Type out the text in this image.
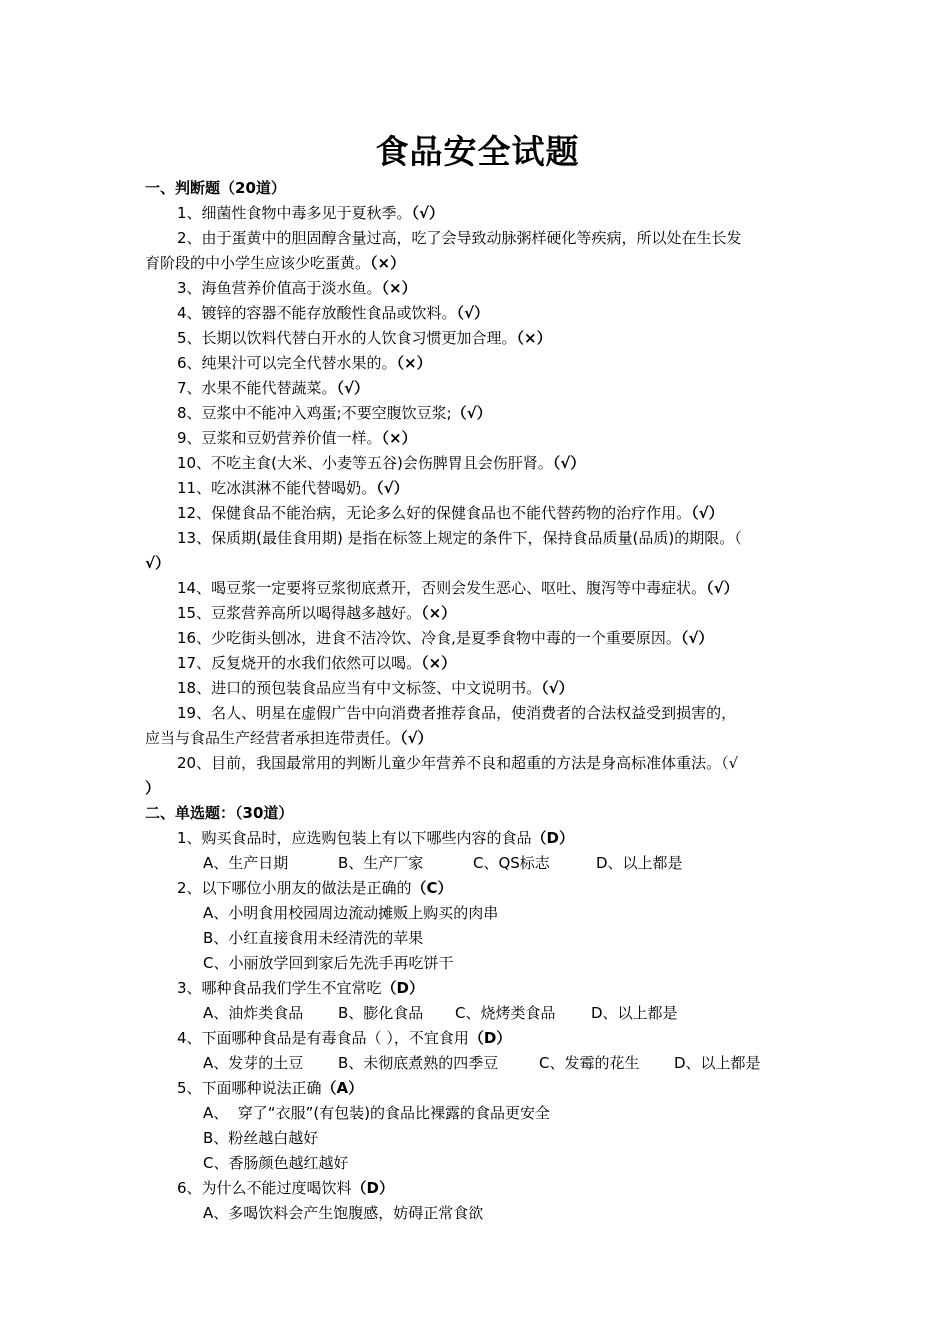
食品安全试题
一、判断题（20道）
1、细菌性食物中毒多见于夏秋季。（√）
2、由于蛋黄中的胆固醇含量过高，吃了会导致动脉粥样硬化等疾病，所以处在生长发
育阶段的中小学生应该少吃蛋黄。（×）
3、海鱼营养价值高于淡水鱼。（×）
4、镀锌的容器不能存放酸性食品或饮料。（√）
5、长期以饮料代替白开水的人饮食习惯更加合理。（×）
6、纯果汁可以完全代替水果的。（×）
7、水果不能代替蔬菜。（√）
8、豆浆中不能冲入鸡蛋;不要空腹饮豆浆;（√）
9、豆浆和豆奶营养价值一样。（×）
10、不吃主食(大米、小麦等五谷)会伤脾胃且会伤肝肾。（√）
11、吃冰淇淋不能代替喝奶。（√）
12、保健食品不能治病，无论多么好的保健食品也不能代替药物的治疗作用。（√）
13、保质期(最佳食用期) 是指在标签上规定的条件下，保持食品质量(品质)的期限。（
√）
14、喝豆浆一定要将豆浆彻底煮开，否则会发生恶心、呕吐、腹泻等中毒症状。（√）
15、豆浆营养高所以喝得越多越好。（×）
16、少吃街头刨冰，进食不洁冷饮、冷食,是夏季食物中毒的一个重要原因。（√）
17、反复烧开的水我们依然可以喝。（×）
18、进口的预包装食品应当有中文标签、中文说明书。（√）
19、名人、明星在虚假广告中向消费者推荐食品，使消费者的合法权益受到损害的，
应当与食品生产经营者承担连带责任。（√）
20、目前，我国最常用的判断儿童少年营养不良和超重的方法是身高标准体重法。（√
）
二、单选题：（30道）
1、购买食品时，应选购包装上有以下哪些内容的食品（D）
A、生产日期	B、生产厂家	C、QS标志	D、以上都是
2、以下哪位小朋友的做法是正确的（C）
A、小明食用校园周边流动摊贩上购买的肉串
B、小红直接食用未经清洗的苹果
C、小丽放学回到家后先洗手再吃饼干
3、哪种食品我们学生不宜常吃（D）
A、油炸类食品	B、膨化食品	C、烧烤类食品	D、以上都是
4、下面哪种食品是有毒食品（ ），不宜食用（D）
A、发芽的土豆	B、未彻底煮熟的四季豆	C、发霉的花生	D、以上都是
5、下面哪种说法正确（A）
A、  穿了“衣服”(有包装)的食品比裸露的食品更安全
B、粉丝越白越好
C、香肠颜色越红越好
6、为什么不能过度喝饮料（D）
A、多喝饮料会产生饱腹感，妨碍正常食欲
